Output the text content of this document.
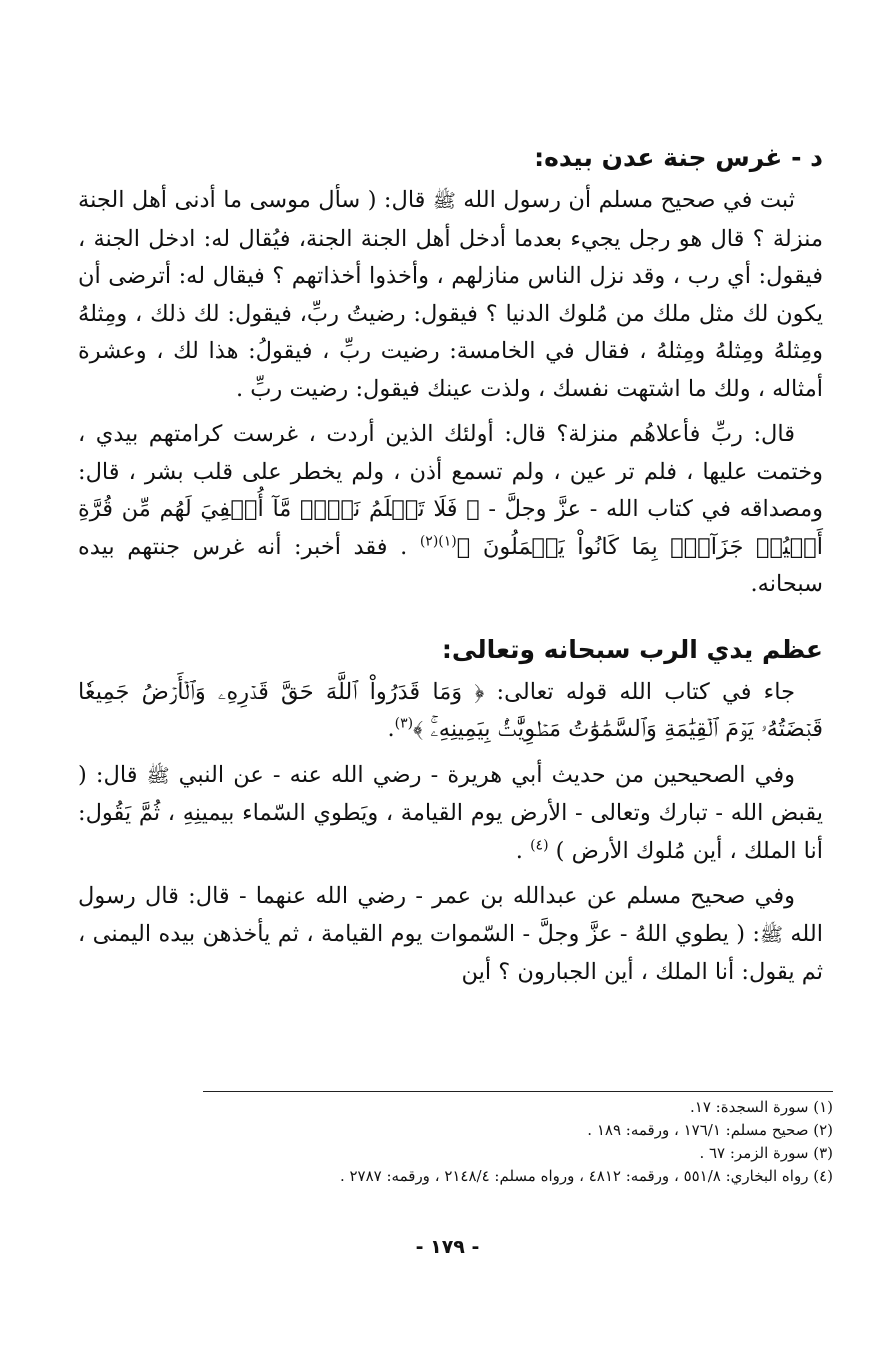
د - غرس جنة عدن بيده:

ثبت في صحيح مسلم أن رسول الله ﷺ قال: ( سأل موسى ما أدنى أهل الجنة منزلة ؟ قال هو رجل يجيء بعدما أدخل أهل الجنة الجنة، فيُقال له: ادخل الجنة ، فيقول: أي رب ، وقد نزل الناس منازلهم ، وأخذوا أخذاتهم ؟ فيقال له: أترضى أن يكون لك مثل ملك من مُلوك الدنيا ؟ فيقول: رضيتُ ربِّ، فيقول: لك ذلك ، ومِثلهُ ومِثلهُ ومِثلهُ ومِثلهُ ، فقال في الخامسة: رضيت ربِّ ، فيقولُ: هذا لك ، وعشرة أمثاله ، ولك ما اشتهت نفسك ، ولذت عينك فيقول: رضيت ربِّ .

قال: ربِّ فأعلاهُم منزلة؟ قال: أولئك الذين أردت ، غرست كرامتهم بيدي ، وختمت عليها ، فلم تر عين ، ولم تسمع أذن ، ولم يخطر على قلب بشر ، قال: ومصداقه في كتاب الله - عزَّ وجلَّ - ﴿ فَلَا تَعۡلَمُ نَفۡسٞ مَّآ أُخۡفِيَ لَهُم مِّن قُرَّةِ أَعۡيُنٖ جَزَآءَۢ بِمَا كَانُواْ يَعۡمَلُونَ ﴾$^{(١)(٢)}$ . فقد أخبر: أنه غرس جنتهم بيده سبحانه.

عظم يدي الرب سبحانه وتعالى:

جاء في كتاب الله قوله تعالى: ﴿ وَمَا قَدَرُواْ ٱللَّهَ حَقَّ قَدۡرِهِۦ وَٱلۡأَرۡضُ جَمِيعٗا قَبۡضَتُهُۥ يَوۡمَ ٱلۡقِيَٰمَةِ وَٱلسَّمَٰوَٰتُ مَطۡوِيَّٰتُۢ بِيَمِينِهِۦۚ ﴾$^{(٣)}$.

وفي الصحيحين من حديث أبي هريرة - رضي الله عنه - عن النبي ﷺ قال: ( يقبض الله - تبارك وتعالى - الأرض يوم القيامة ، ويَطوي السّماء بيمينِهِ ، ثُمَّ يَقُول: أنا الملك ، أين مُلوك الأرض ) $^{(٤)}$ .

وفي صحيح مسلم عن عبدالله بن عمر - رضي الله عنهما - قال: قال رسول الله ﷺ: ( يطوي اللهُ - عزَّ وجلَّ - السّموات يوم القيامة ، ثم يأخذهن بيده اليمنى ، ثم يقول: أنا الملك ، أين الجبارون ؟ أين

(١) سورة السجدة: ١٧.

(٢) صحيح مسلم: ١٧٦/١ ، ورقمه: ١٨٩ .

(٣) سورة الزمر: ٦٧ .

(٤) رواه البخاري: ٥٥١/٨ ، ورقمه: ٤٨١٢ ، ورواه مسلم: ٢١٤٨/٤ ، ورقمه: ٢٧٨٧ .

- ١٧٩ -
